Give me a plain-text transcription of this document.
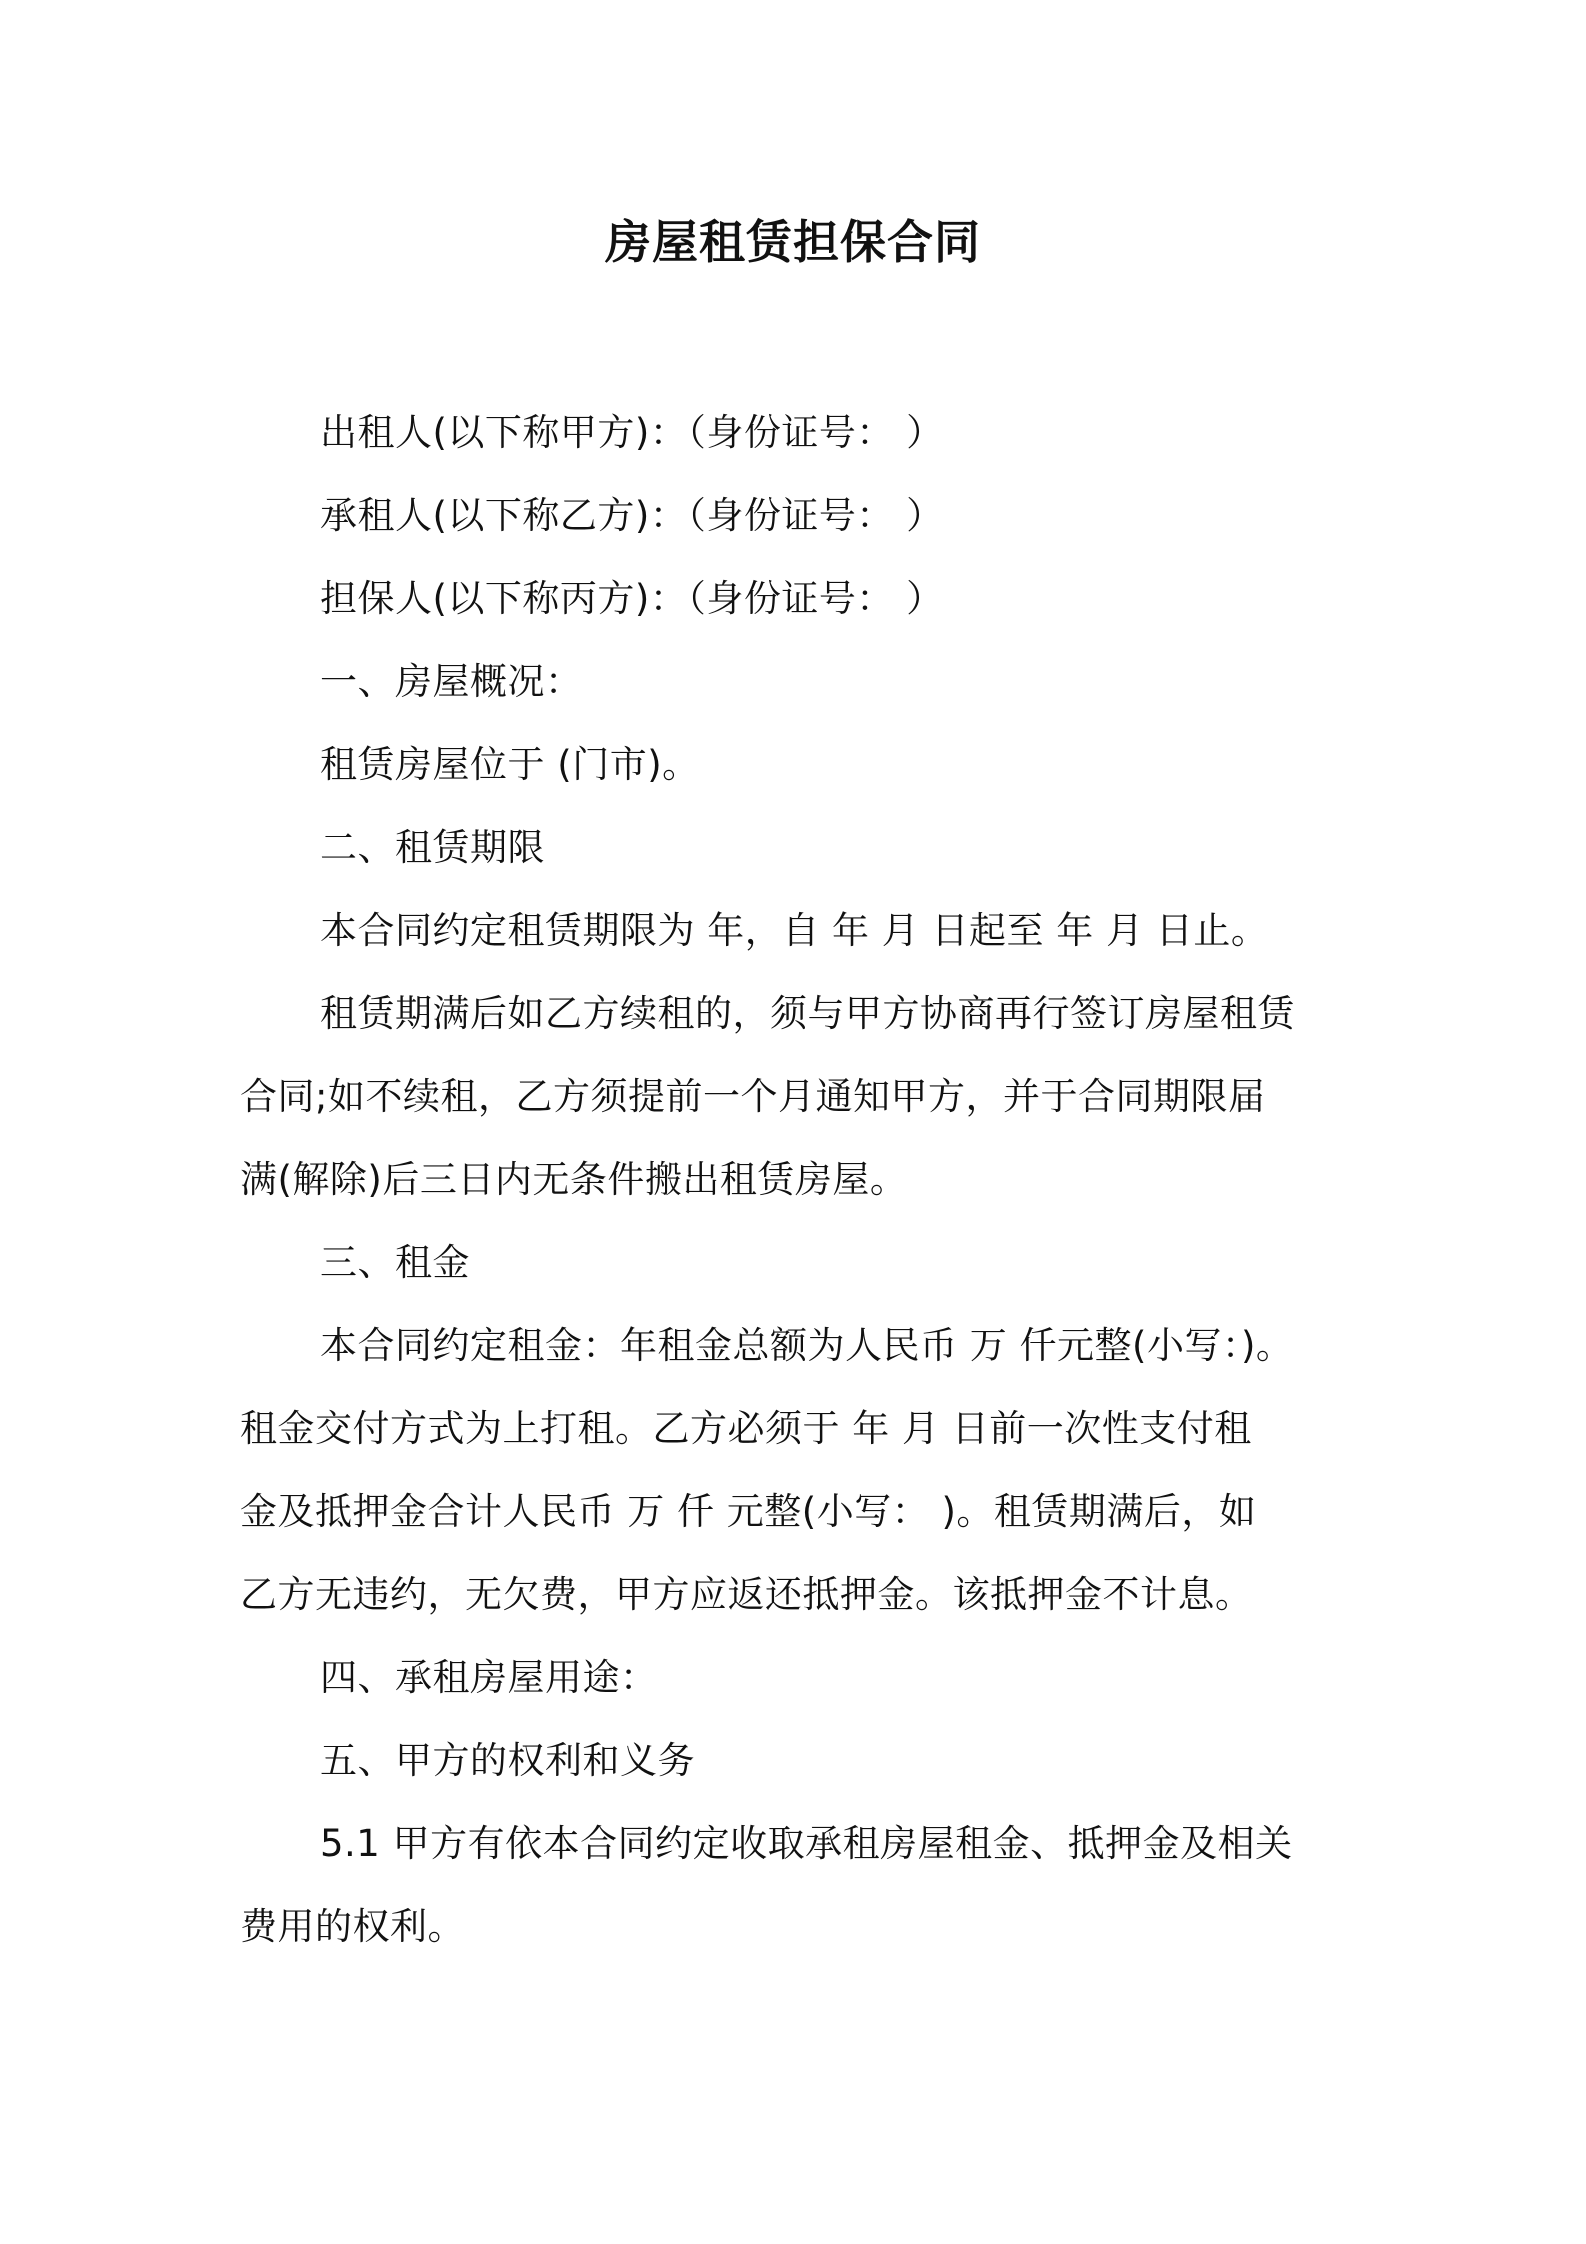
房屋租赁担保合同
出租人(以下称甲方)：（身份证号： ）
承租人(以下称乙方)：（身份证号： ）
担保人(以下称丙方)：（身份证号： ）
一、房屋概况：
租赁房屋位于 (门市)。
二、租赁期限
本合同约定租赁期限为 年，自 年 月 日起至 年 月 日止。
租赁期满后如乙方续租的，须与甲方协商再行签订房屋租赁
合同;如不续租，乙方须提前一个月通知甲方，并于合同期限届
满(解除)后三日内无条件搬出租赁房屋。
三、租金
本合同约定租金：年租金总额为人民币 万 仟元整(小写：)。
租金交付方式为上打租。乙方必须于 年 月 日前一次性支付租
金及抵押金合计人民币 万 仟 元整(小写： )。租赁期满后，如
乙方无违约，无欠费，甲方应返还抵押金。该抵押金不计息。
四、承租房屋用途：
五、甲方的权利和义务
5.1 甲方有依本合同约定收取承租房屋租金、抵押金及相关
费用的权利。
